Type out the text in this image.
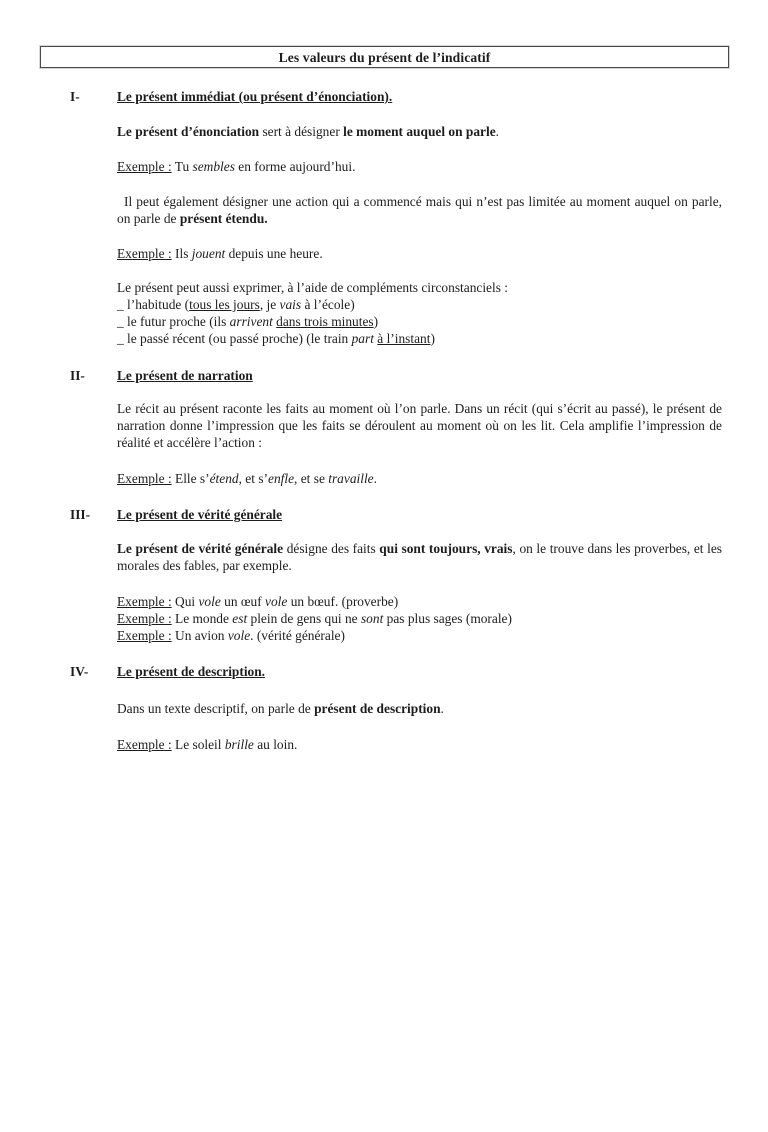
Les valeurs du présent de l’indicatif
I-	Le présent immédiat (ou présent d’énonciation).

Le présent d’énonciation sert à désigner le moment auquel on parle.

Exemple : Tu sembles en forme aujourd’hui.

Il peut également désigner une action qui a commencé mais qui n’est pas limitée au moment auquel on parle, on parle de présent étendu.

Exemple : Ils jouent depuis une heure.

Le présent peut aussi exprimer, à l’aide de compléments circonstanciels :

_ l’habitude (tous les jours, je vais à l’école)

_ le futur proche (ils arrivent dans trois minutes)

_ le passé récent (ou passé proche) (le train part à l’instant)

II-	Le présent de narration

Le récit au présent raconte les faits au moment où l’on parle. Dans un récit (qui s’écrit au passé), le présent de narration donne l’impression que les faits se déroulent au moment où on les lit. Cela amplifie l’impression de réalité et accélère l’action :

Exemple : Elle s’étend, et s’enfle, et se travaille.

III-	Le présent de vérité générale

Le présent de vérité générale désigne des faits qui sont toujours, vrais, on le trouve dans les proverbes, et les morales des fables, par exemple.

Exemple : Qui vole un œuf vole un bœuf. (proverbe)

Exemple : Le monde est plein de gens qui ne sont pas plus sages (morale)

Exemple : Un avion vole. (vérité générale)

IV-	Le présent de description.

Dans un texte descriptif, on parle de présent de description.

Exemple : Le soleil brille au loin.
